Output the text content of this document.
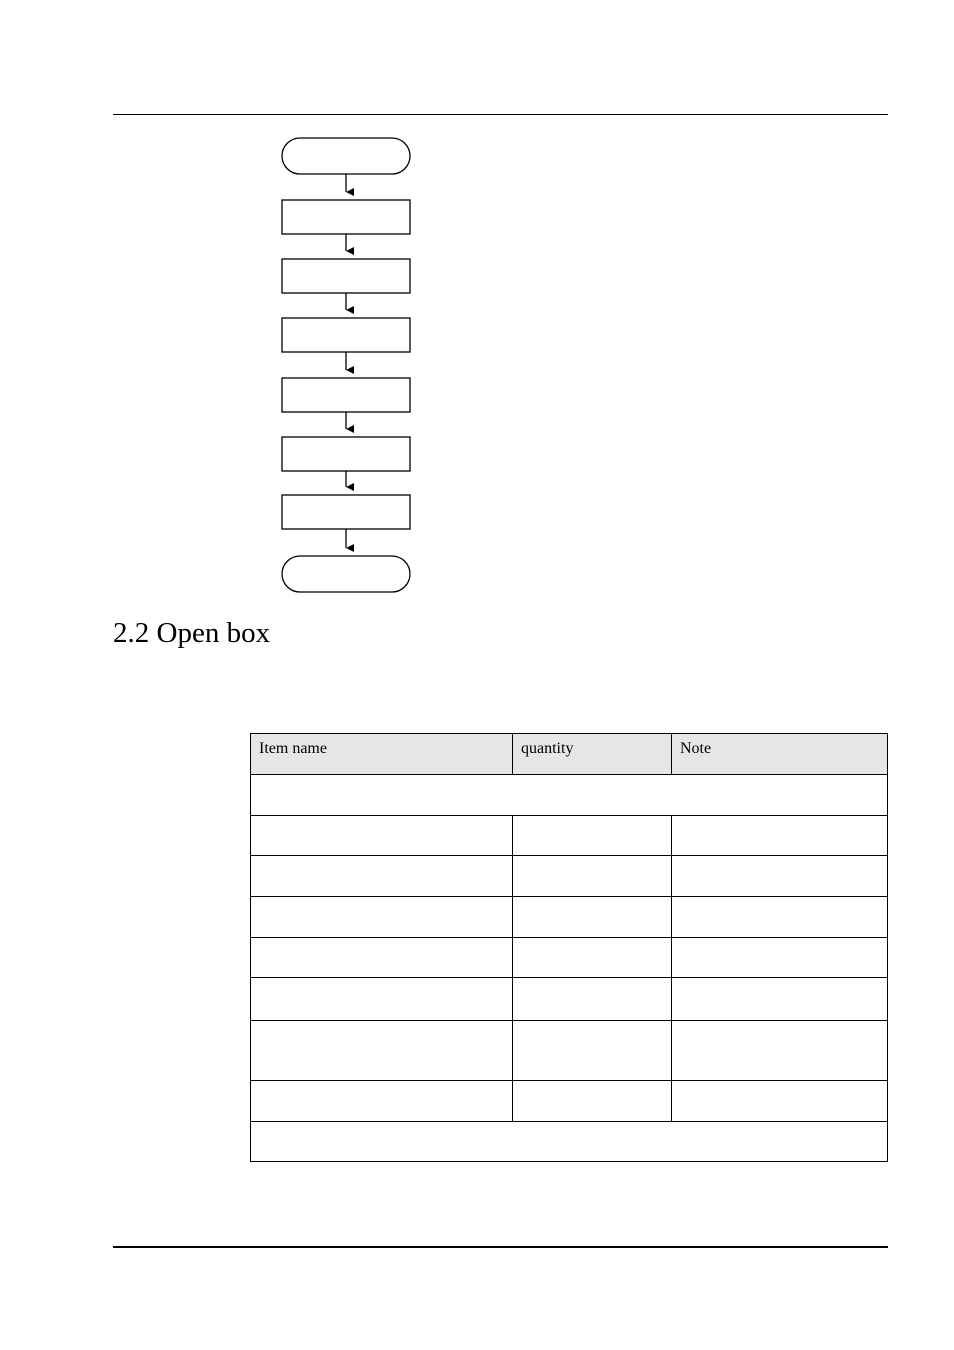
2.2 Open box
Item name	quantity	Note
